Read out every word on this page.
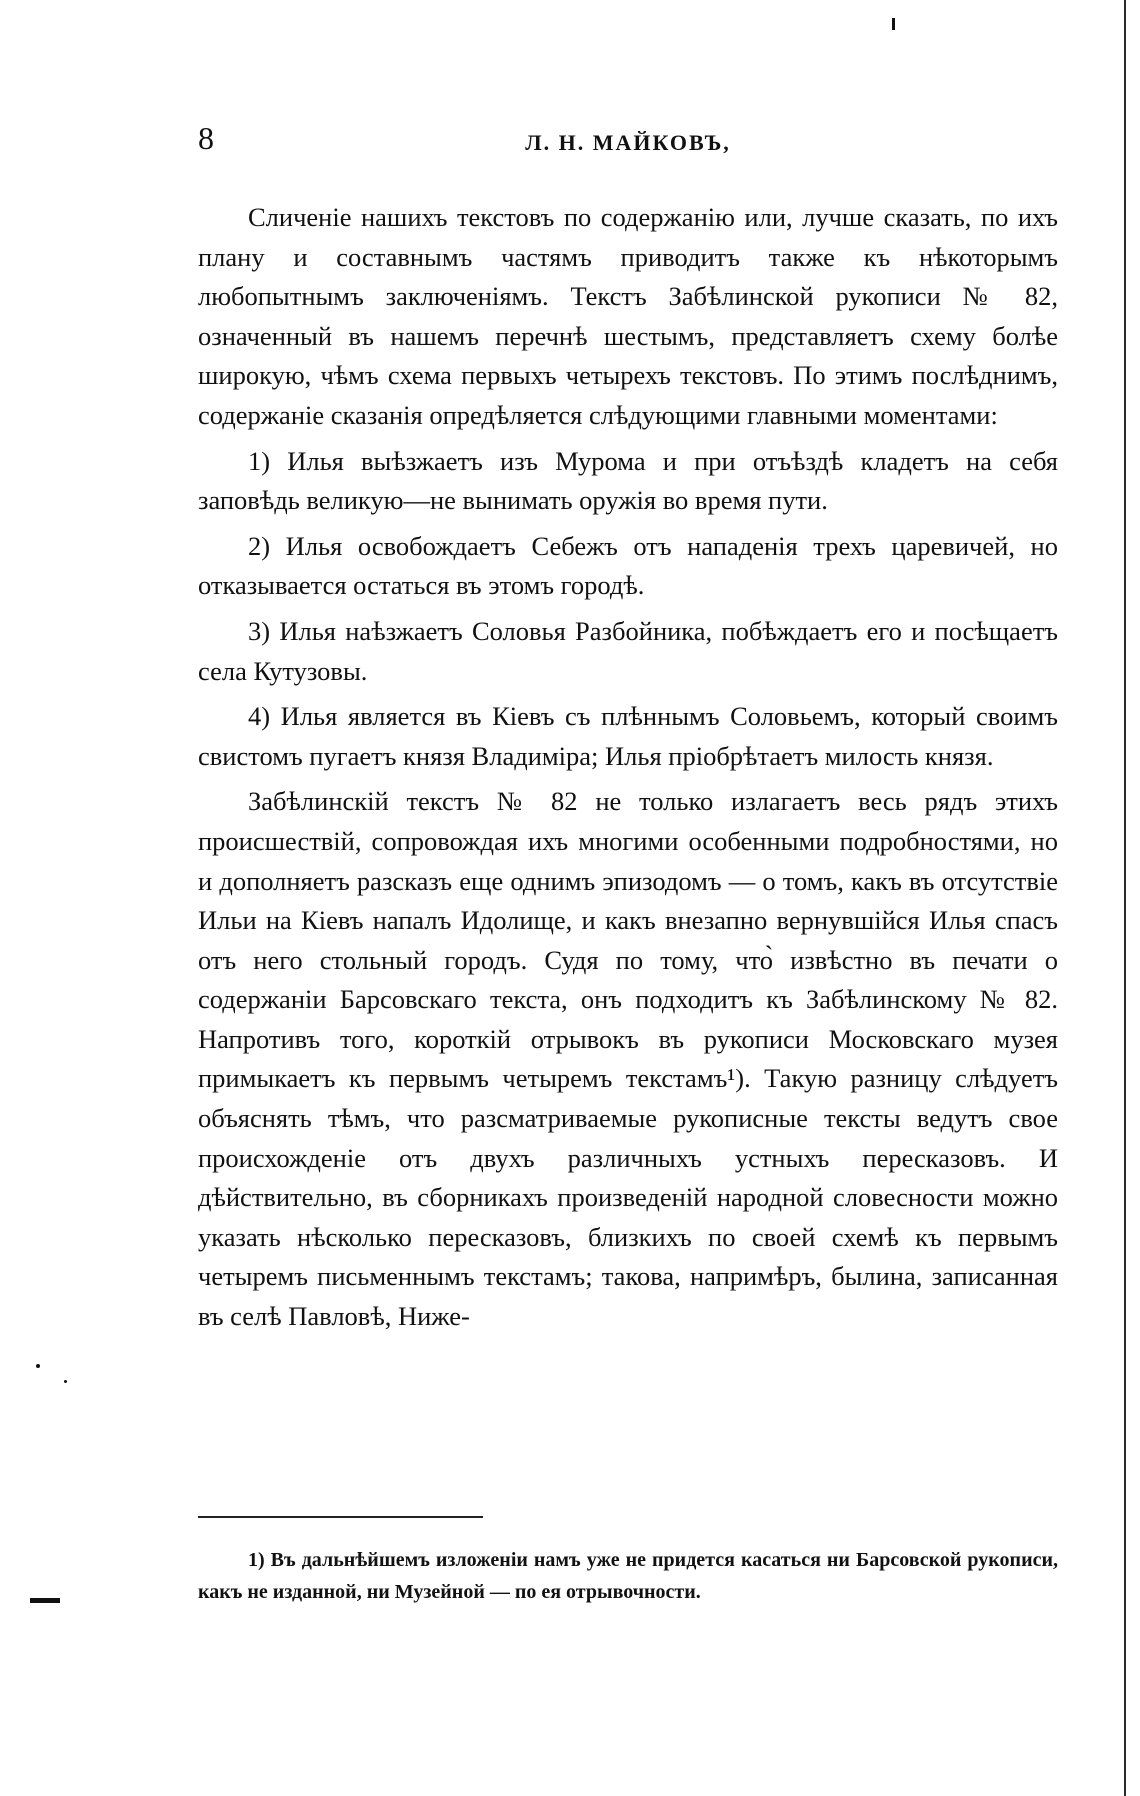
8	Л. Н. МАЙКОВЪ,

Сличеніе нашихъ текстовъ по содержанію или, лучше сказать, по ихъ плану и составнымъ частямъ приводитъ также къ нѣкоторымъ любопытнымъ заключеніямъ. Текстъ Забѣлинской рукописи № 82, означенный въ нашемъ перечнѣ шестымъ, представляетъ схему болѣе широкую, чѣмъ схема первыхъ четырехъ текстовъ. По этимъ послѣднимъ, содержаніе сказанія опредѣляется слѣдующими главными моментами:

1) Илья выѣзжаетъ изъ Мурома и при отъѣздѣ кладетъ на себя заповѣдь великую—не вынимать оружія во время пути.

2) Илья освобождаетъ Себежъ отъ нападенія трехъ царевичей, но отказывается остаться въ этомъ городѣ.

3) Илья наѣзжаетъ Соловья Разбойника, побѣждаетъ его и посѣщаетъ села Кутузовы.

4) Илья является въ Кіевъ съ плѣннымъ Соловьемъ, который своимъ свистомъ пугаетъ князя Владиміра; Илья пріобрѣтаетъ милость князя.

Забѣлинскій текстъ № 82 не только излагаетъ весь рядъ этихъ происшествій, сопровождая ихъ многими особенными подробностями, но и дополняетъ разсказъ еще однимъ эпизодомъ — о томъ, какъ въ отсутствіе Ильи на Кіевъ напалъ Идолище, и какъ внезапно вернувшійся Илья спасъ отъ него стольный городъ. Судя по тому, что̀ извѣстно въ печати о содержаніи Барсовскаго текста, онъ подходитъ къ Забѣлинскому № 82. Напротивъ того, короткій отрывокъ въ рукописи Московскаго музея примыкаетъ къ первымъ четыремъ текстамъ¹). Такую разницу слѣдуетъ объяснять тѣмъ, что разсматриваемые рукописные тексты ведутъ свое происхожденіе отъ двухъ различныхъ устныхъ пересказовъ. И дѣйствительно, въ сборникахъ произведеній народной словесности можно указать нѣсколько пересказовъ, близкихъ по своей схемѣ къ первымъ четыремъ письменнымъ текстамъ; такова, напримѣръ, былина, записанная въ селѣ Павловѣ, Ниже-

1) Въ дальнѣйшемъ изложеніи намъ уже не придется касаться ни Барсовской рукописи, какъ не изданной, ни Музейной — по ея отрывочности.
